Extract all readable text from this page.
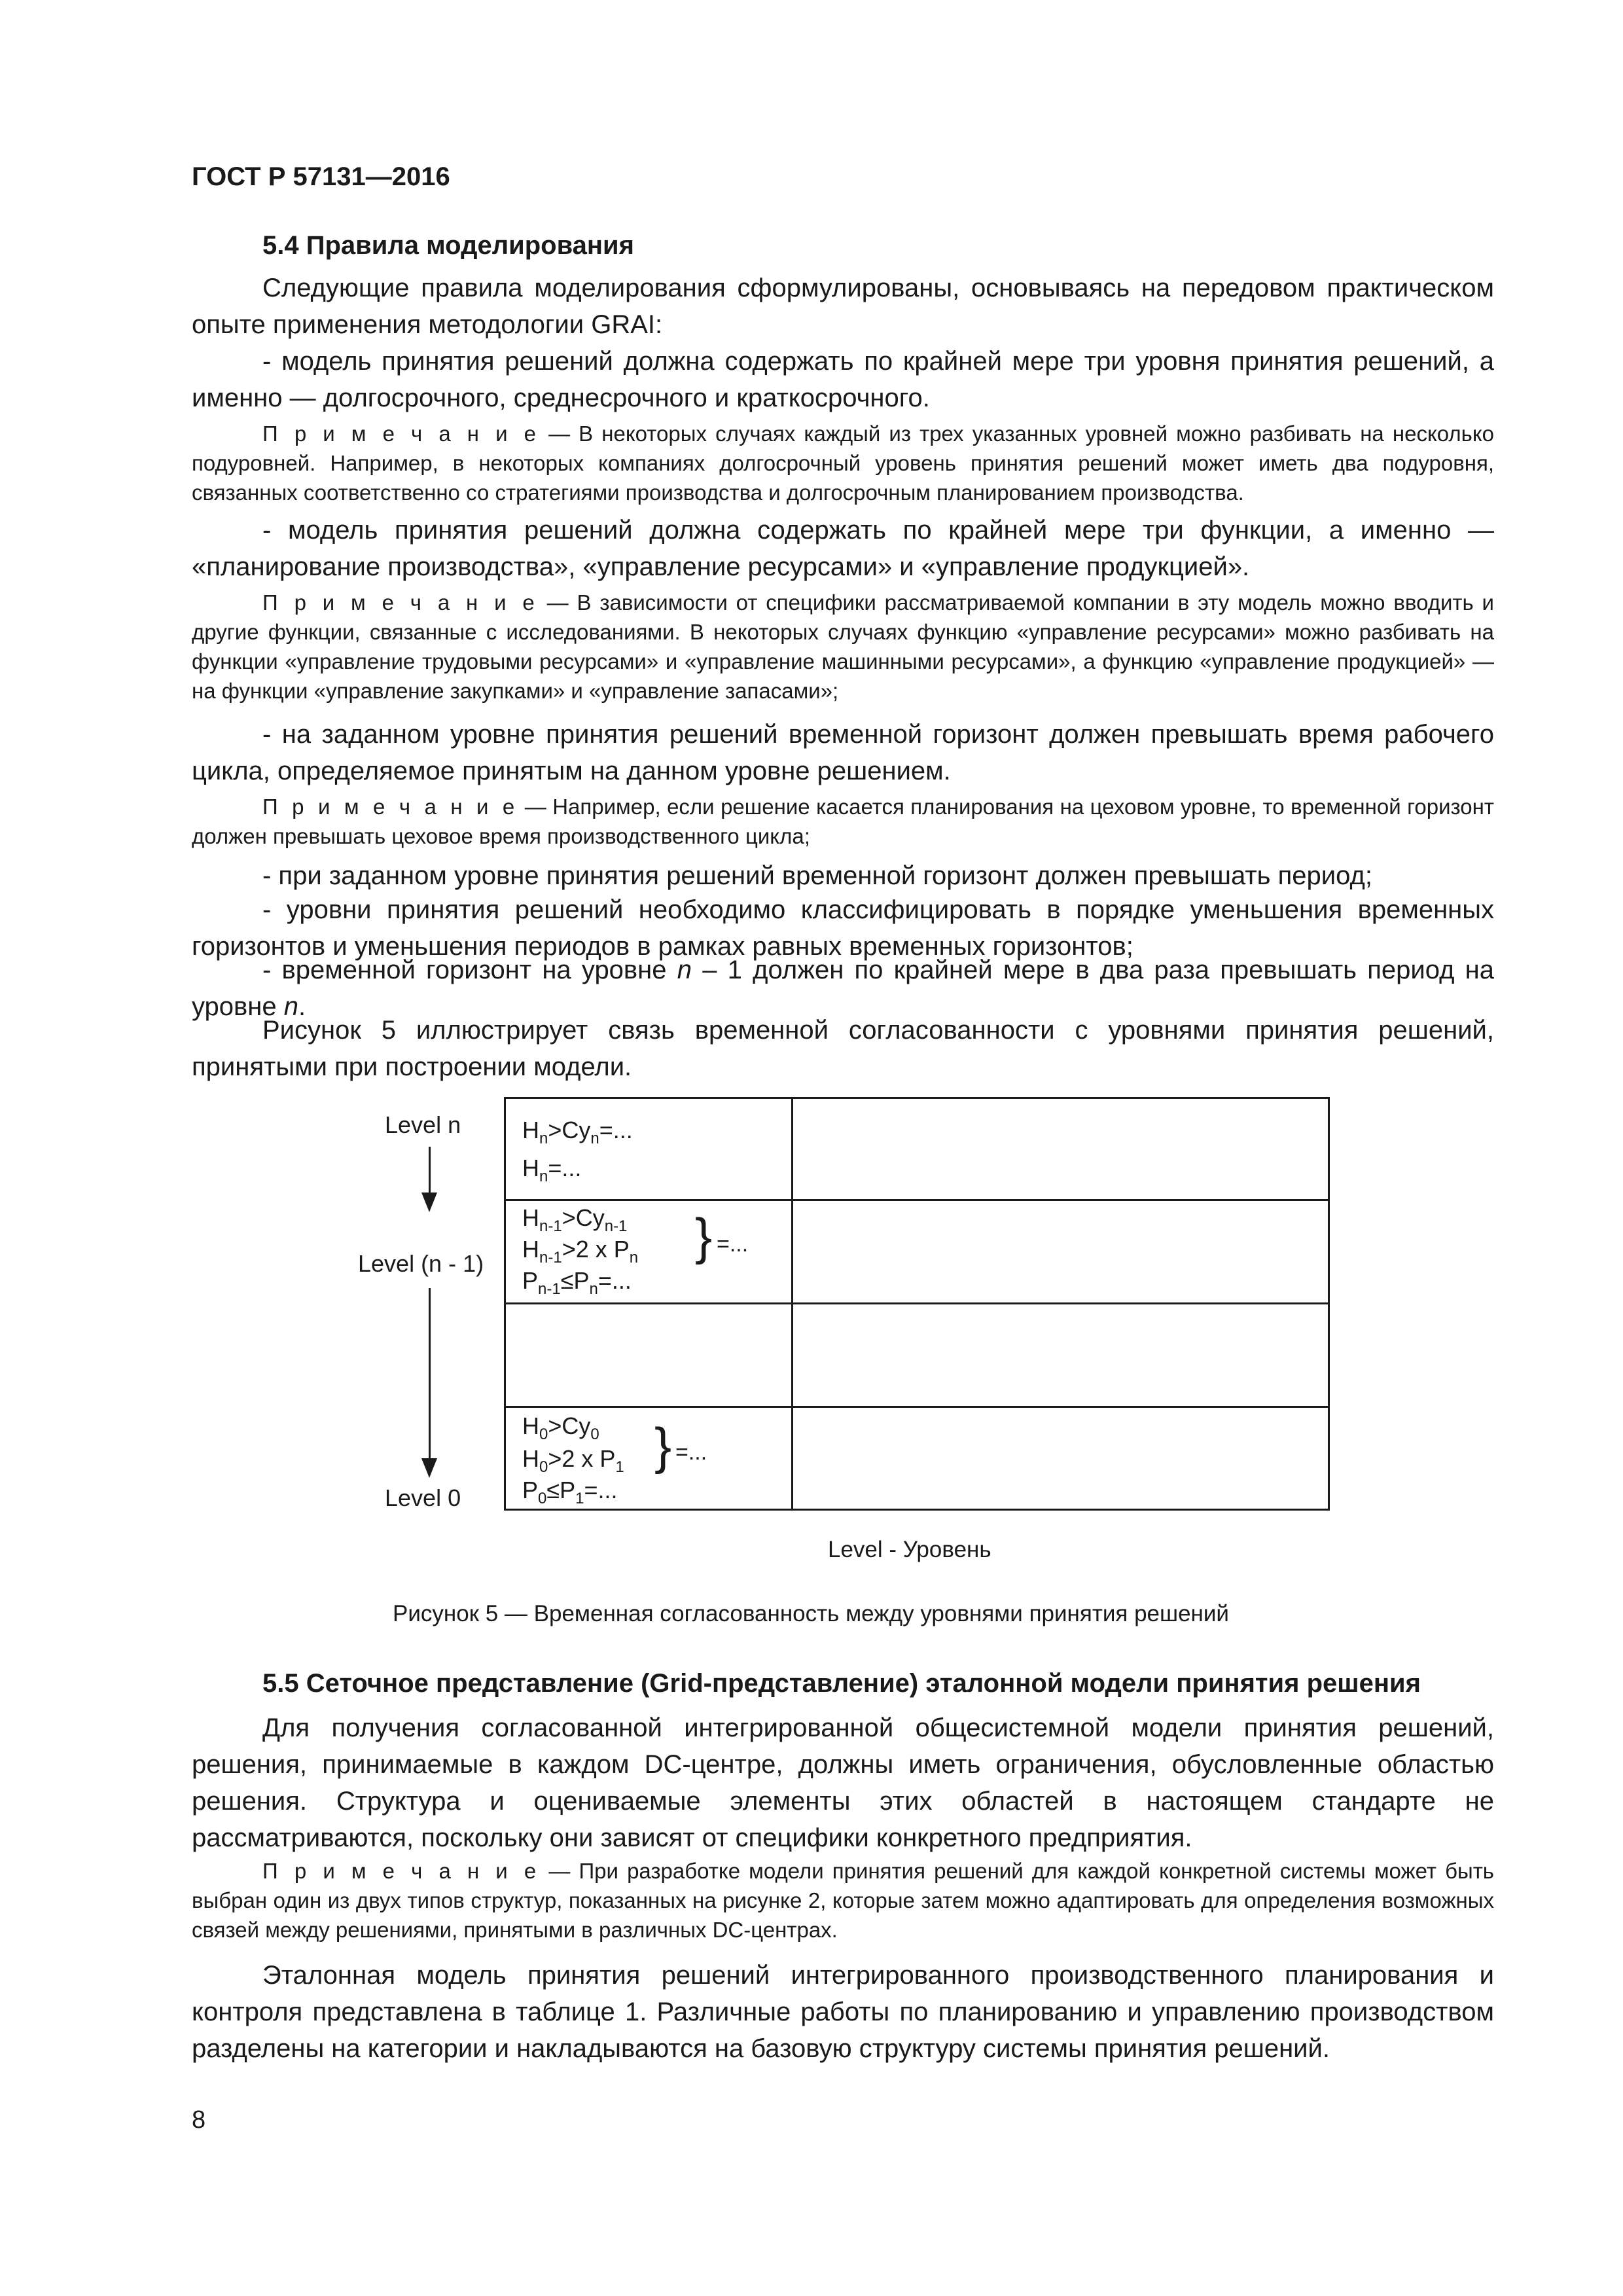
ГОСТ Р 57131—2016
5.4 Правила моделирования

Следующие правила моделирования сформулированы, основываясь на передовом практическом опыте применения методологии GRAI:

- модель принятия решений должна содержать по крайней мере три уровня принятия решений, а именно — долгосрочного, среднесрочного и краткосрочного.

П р и м е ч а н и е — В некоторых случаях каждый из трех указанных уровней можно разбивать на несколько подуровней. Например, в некоторых компаниях долгосрочный уровень принятия решений может иметь два подуровня, связанных соответственно со стратегиями производства и долгосрочным планированием производства.

- модель принятия решений должна содержать по крайней мере три функции, а именно — «планирование производства», «управление ресурсами» и «управление продукцией».

П р и м е ч а н и е — В зависимости от специфики рассматриваемой компании в эту модель можно вводить и другие функции, связанные с исследованиями. В некоторых случаях функцию «управление ресурсами» можно разбивать на функции «управление трудовыми ресурсами» и «управление машинными ресурсами», а функцию «управление продукцией» — на функции «управление закупками» и «управление запасами»;

- на заданном уровне принятия решений временной горизонт должен превышать время рабочего цикла, определяемое принятым на данном уровне решением.

П р и м е ч а н и е — Например, если решение касается планирования на цеховом уровне, то временной горизонт должен превышать цеховое время производственного цикла;

- при заданном уровне принятия решений временной горизонт должен превышать период;

- уровни принятия решений необходимо классифицировать в порядке уменьшения временных горизонтов и уменьшения периодов в рамках равных временных горизонтов;

- временной горизонт на уровне n – 1 должен по крайней мере в два раза превышать период на уровне n.

Рисунок 5 иллюстрирует связь временной согласованности с уровнями принятия решений, принятыми при построении модели.

Level n
Level (n - 1)
Level 0
$H_n>Cy_n=$...
$H_n=$...
$H_{n-1}>Cy_{n-1}$
$H_{n-1}>2$ x $P_n$
$P_{n-1}\le P_n=$...
} =...
$H_0>Cy_0$
$H_0>2$ x $P_1$
$P_0\le P_1=$...
} =...
Level - Уровень
Рисунок 5 — Временная согласованность между уровнями принятия решений
5.5 Сеточное представление (Grid-представление) эталонной модели принятия решения

Для получения согласованной интегрированной общесистемной модели принятия решений, решения, принимаемые в каждом DC-центре, должны иметь ограничения, обусловленные областью решения. Структура и оцениваемые элементы этих областей в настоящем стандарте не рассматриваются, поскольку они зависят от специфики конкретного предприятия.

П р и м е ч а н и е — При разработке модели принятия решений для каждой конкретной системы может быть выбран один из двух типов структур, показанных на рисунке 2, которые затем можно адаптировать для определения возможных связей между решениями, принятыми в различных DC-центрах.

Эталонная модель принятия решений интегрированного производственного планирования и контроля представлена в таблице 1. Различные работы по планированию и управлению производством разделены на категории и накладываются на базовую структуру системы принятия решений.

8
